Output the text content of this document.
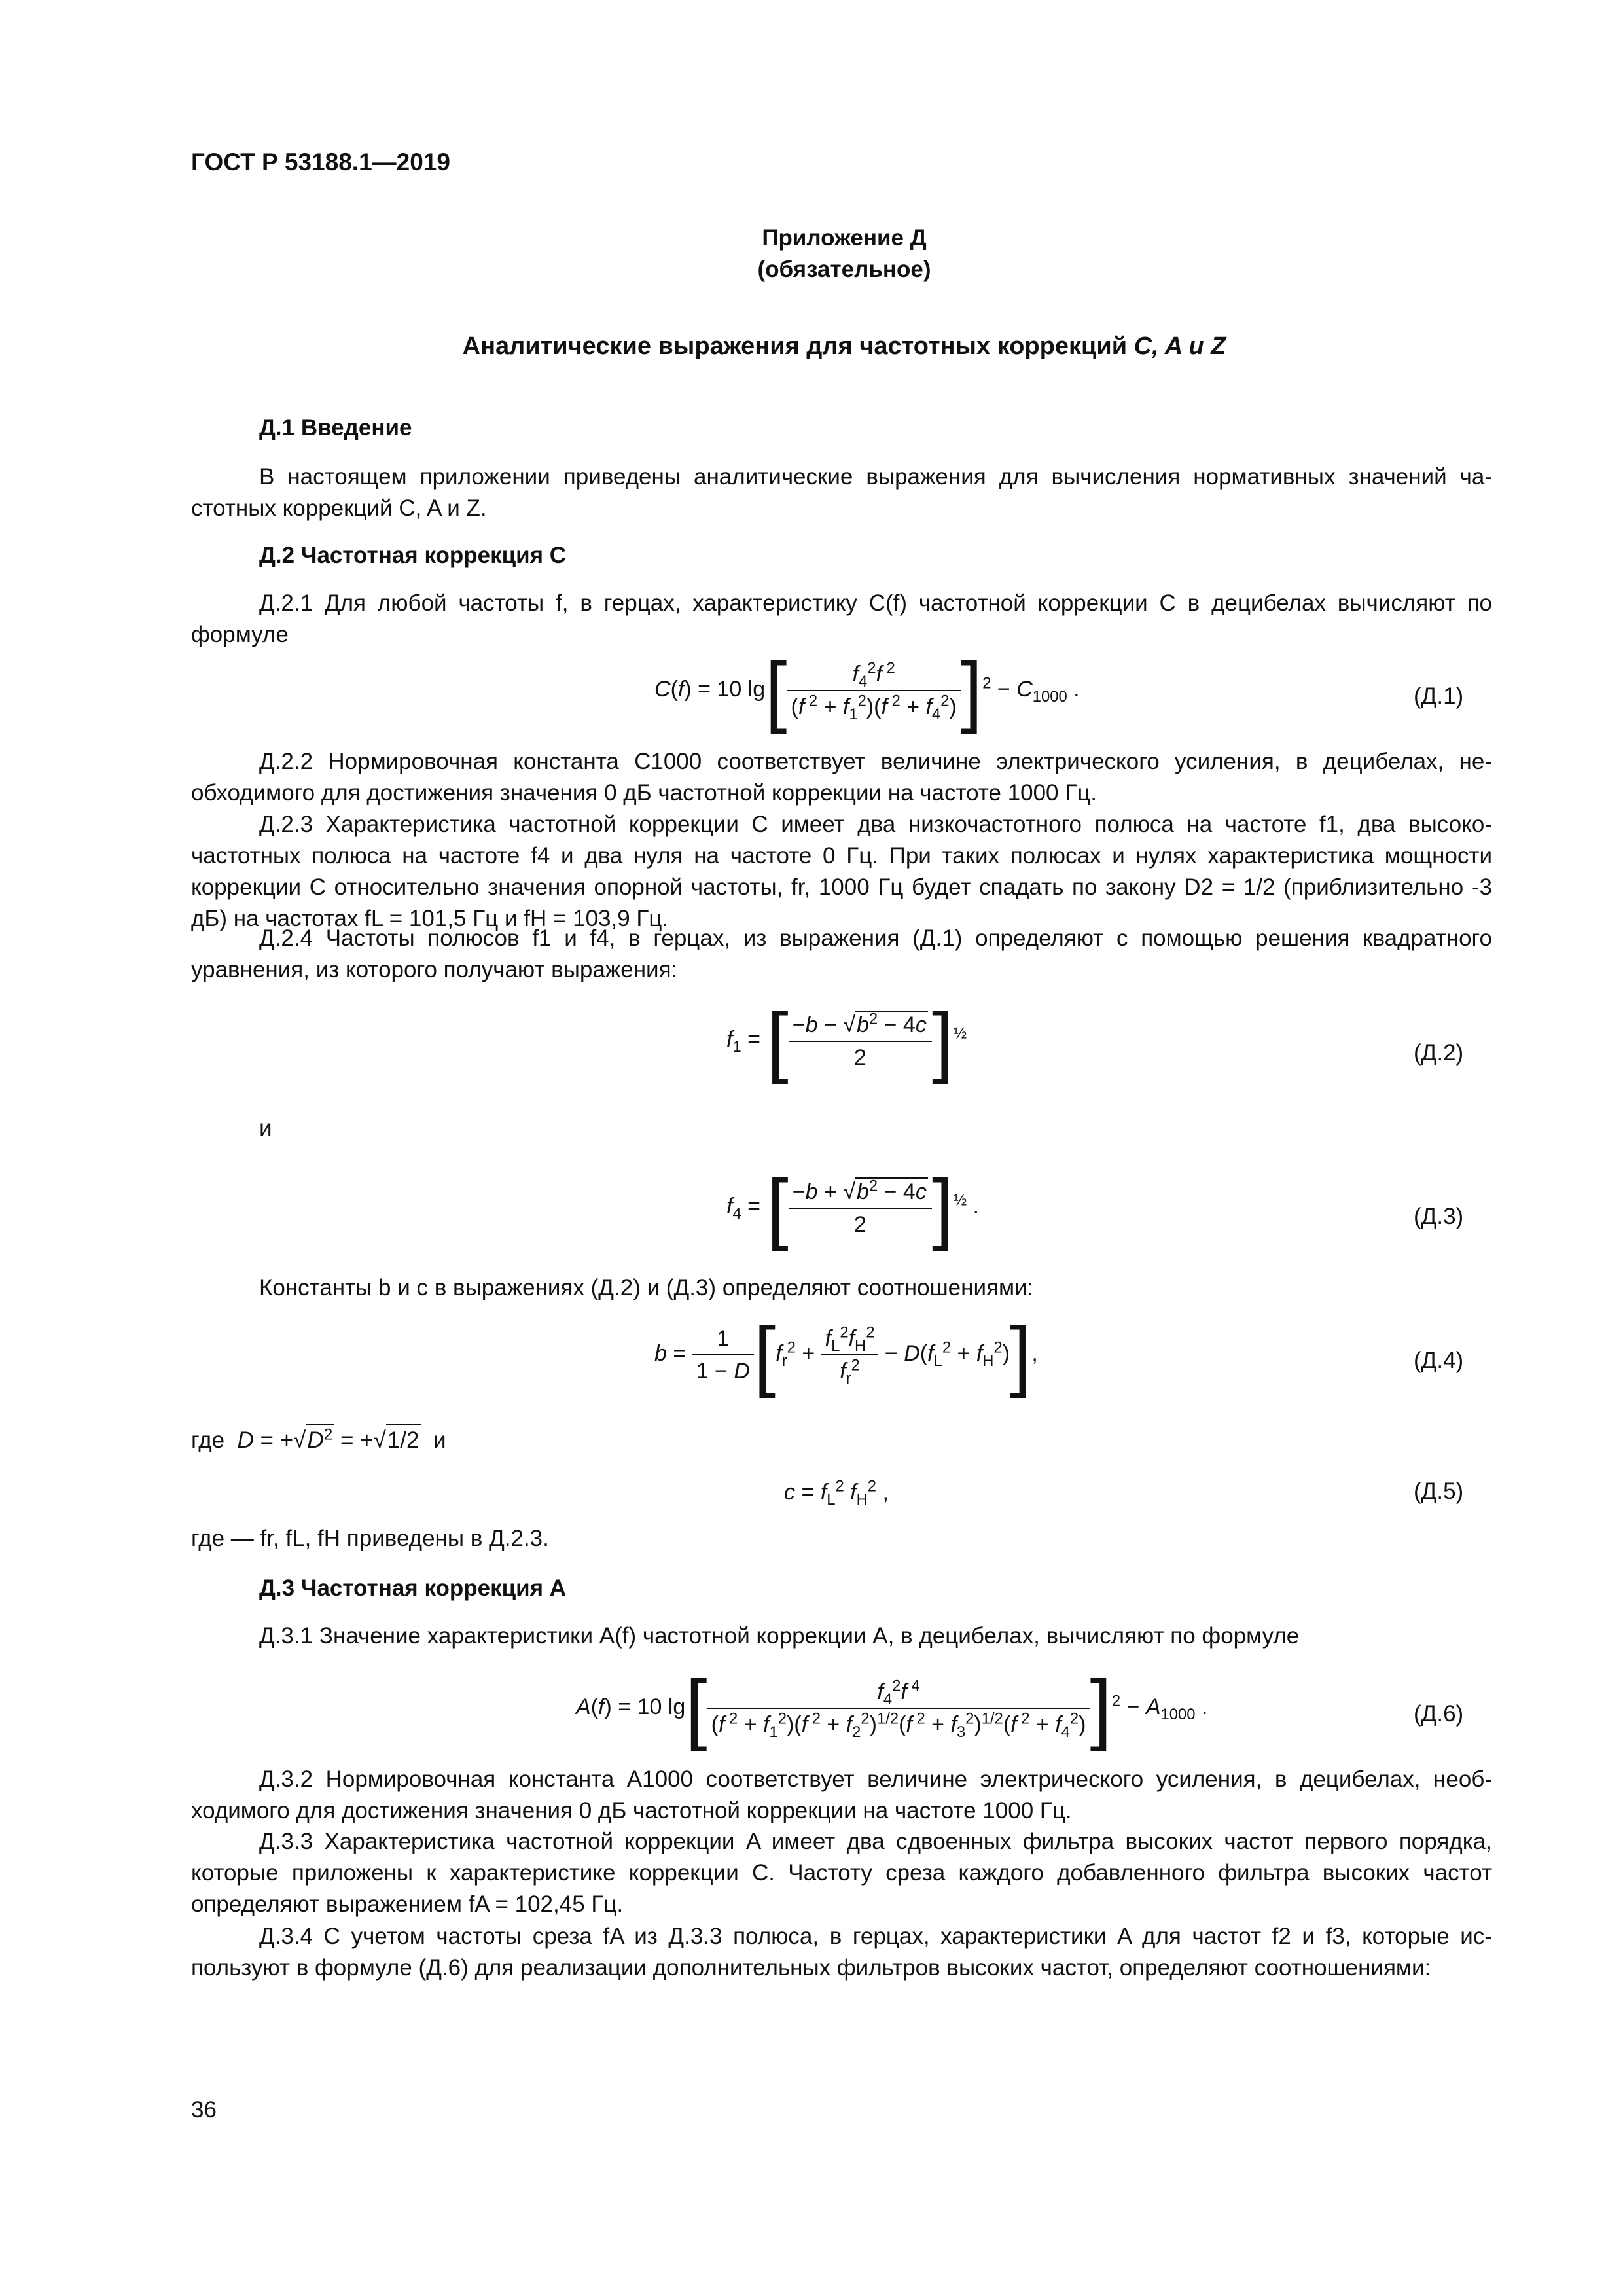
ГОСТ Р 53188.1—2019
Приложение Д
(обязательное)
Аналитические выражения для частотных коррекций C, A и Z
Д.1 Введение
В настоящем приложении приведены аналитические выражения для вычисления нормативных значений ча-стотных коррекций C, A и Z.
Д.2 Частотная коррекция C
Д.2.1 Для любой частоты f, в герцах, характеристику C(f) частотной коррекции C в децибелах вычисляют по формуле
C(f) = 10 $\lg[ \frac{f_4^2f ^2}{(f ^2 + f_1^2)(f ^2 + f_4^2)} ]^2 - C_{1000}$ .	(Д.1)
Д.2.2 Нормировочная константа C1000 соответствует величине электрического усиления, в децибелах, не-обходимого для достижения значения 0 дБ частотной коррекции на частоте 1000 Гц.
Д.2.3 Характеристика частотной коррекции C имеет два низкочастотного полюса на частоте f1, два высоко-частотных полюса на частоте f4 и два нуля на частоте 0 Гц. При таких полюсах и нулях характеристика мощности коррекции С относительно значения опорной частоты, fr, 1000 Гц будет спадать по закону D2 = 1/2 (приблизительно -3 дБ) на частотах fL = 101,5 Гц и fH = 103,9 Гц.
Д.2.4 Частоты полюсов f1 и f4, в герцах, из выражения (Д.1) определяют с помощью решения квадратного уравнения, из которого получают выражения:
$f_1$ = [ $\frac{-b - √b^2 - 4c}{2} ]^{\frac{1}{2}}$
(Д.2)
и
$f_4$ = [ $\frac{-b + √b^2 - 4c}{2} ]^{\frac{1}{2}}$ .	(Д.3)
Константы b и c в выражениях (Д.2) и (Д.3) определяют соотношениями:
$b = \frac{1}{1 - D} [f_r^2 + \frac{f_L^2f_H^2}{f_r^2} - D(f_L^2 + f_H^2)]$,	(Д.4)
где $D = +√D^2 = +√1/2$ и
$c = f_L^2$ $f_H^2$ ,	(Д.5)
где — fr, fL, fH приведены в Д.2.3.
Д.3 Частотная коррекция A
Д.3.1 Значение характеристики A(f) частотной коррекции A, в децибелах, вычисляют по формуле
A(f) = 10 $\lg[ \frac{f_4^2f ^4}{(f ^2 + f_1^2)(f ^2 + f_2^2)^{1/2}(f ^2 + f_3^2)^{1/2}(f ^2 + f_4^2)} ]^2 - A_{1000}$ .	(Д.6)
Д.3.2 Нормировочная константа A1000 соответствует величине электрического усиления, в децибелах, необ-ходимого для достижения значения 0 дБ частотной коррекции на частоте 1000 Гц.
Д.3.3 Характеристика частотной коррекции A имеет два сдвоенных фильтра высоких частот первого порядка, которые приложены к характеристике коррекции C. Частоту среза каждого добавленного фильтра высоких частот определяют выражением fA = 102,45 Гц.
Д.3.4 С учетом частоты среза fA из Д.3.3 полюса, в герцах, характеристики A для частот f2 и f3, которые ис-пользуют в формуле (Д.6) для реализации дополнительных фильтров высоких частот, определяют соотношениями:
36
